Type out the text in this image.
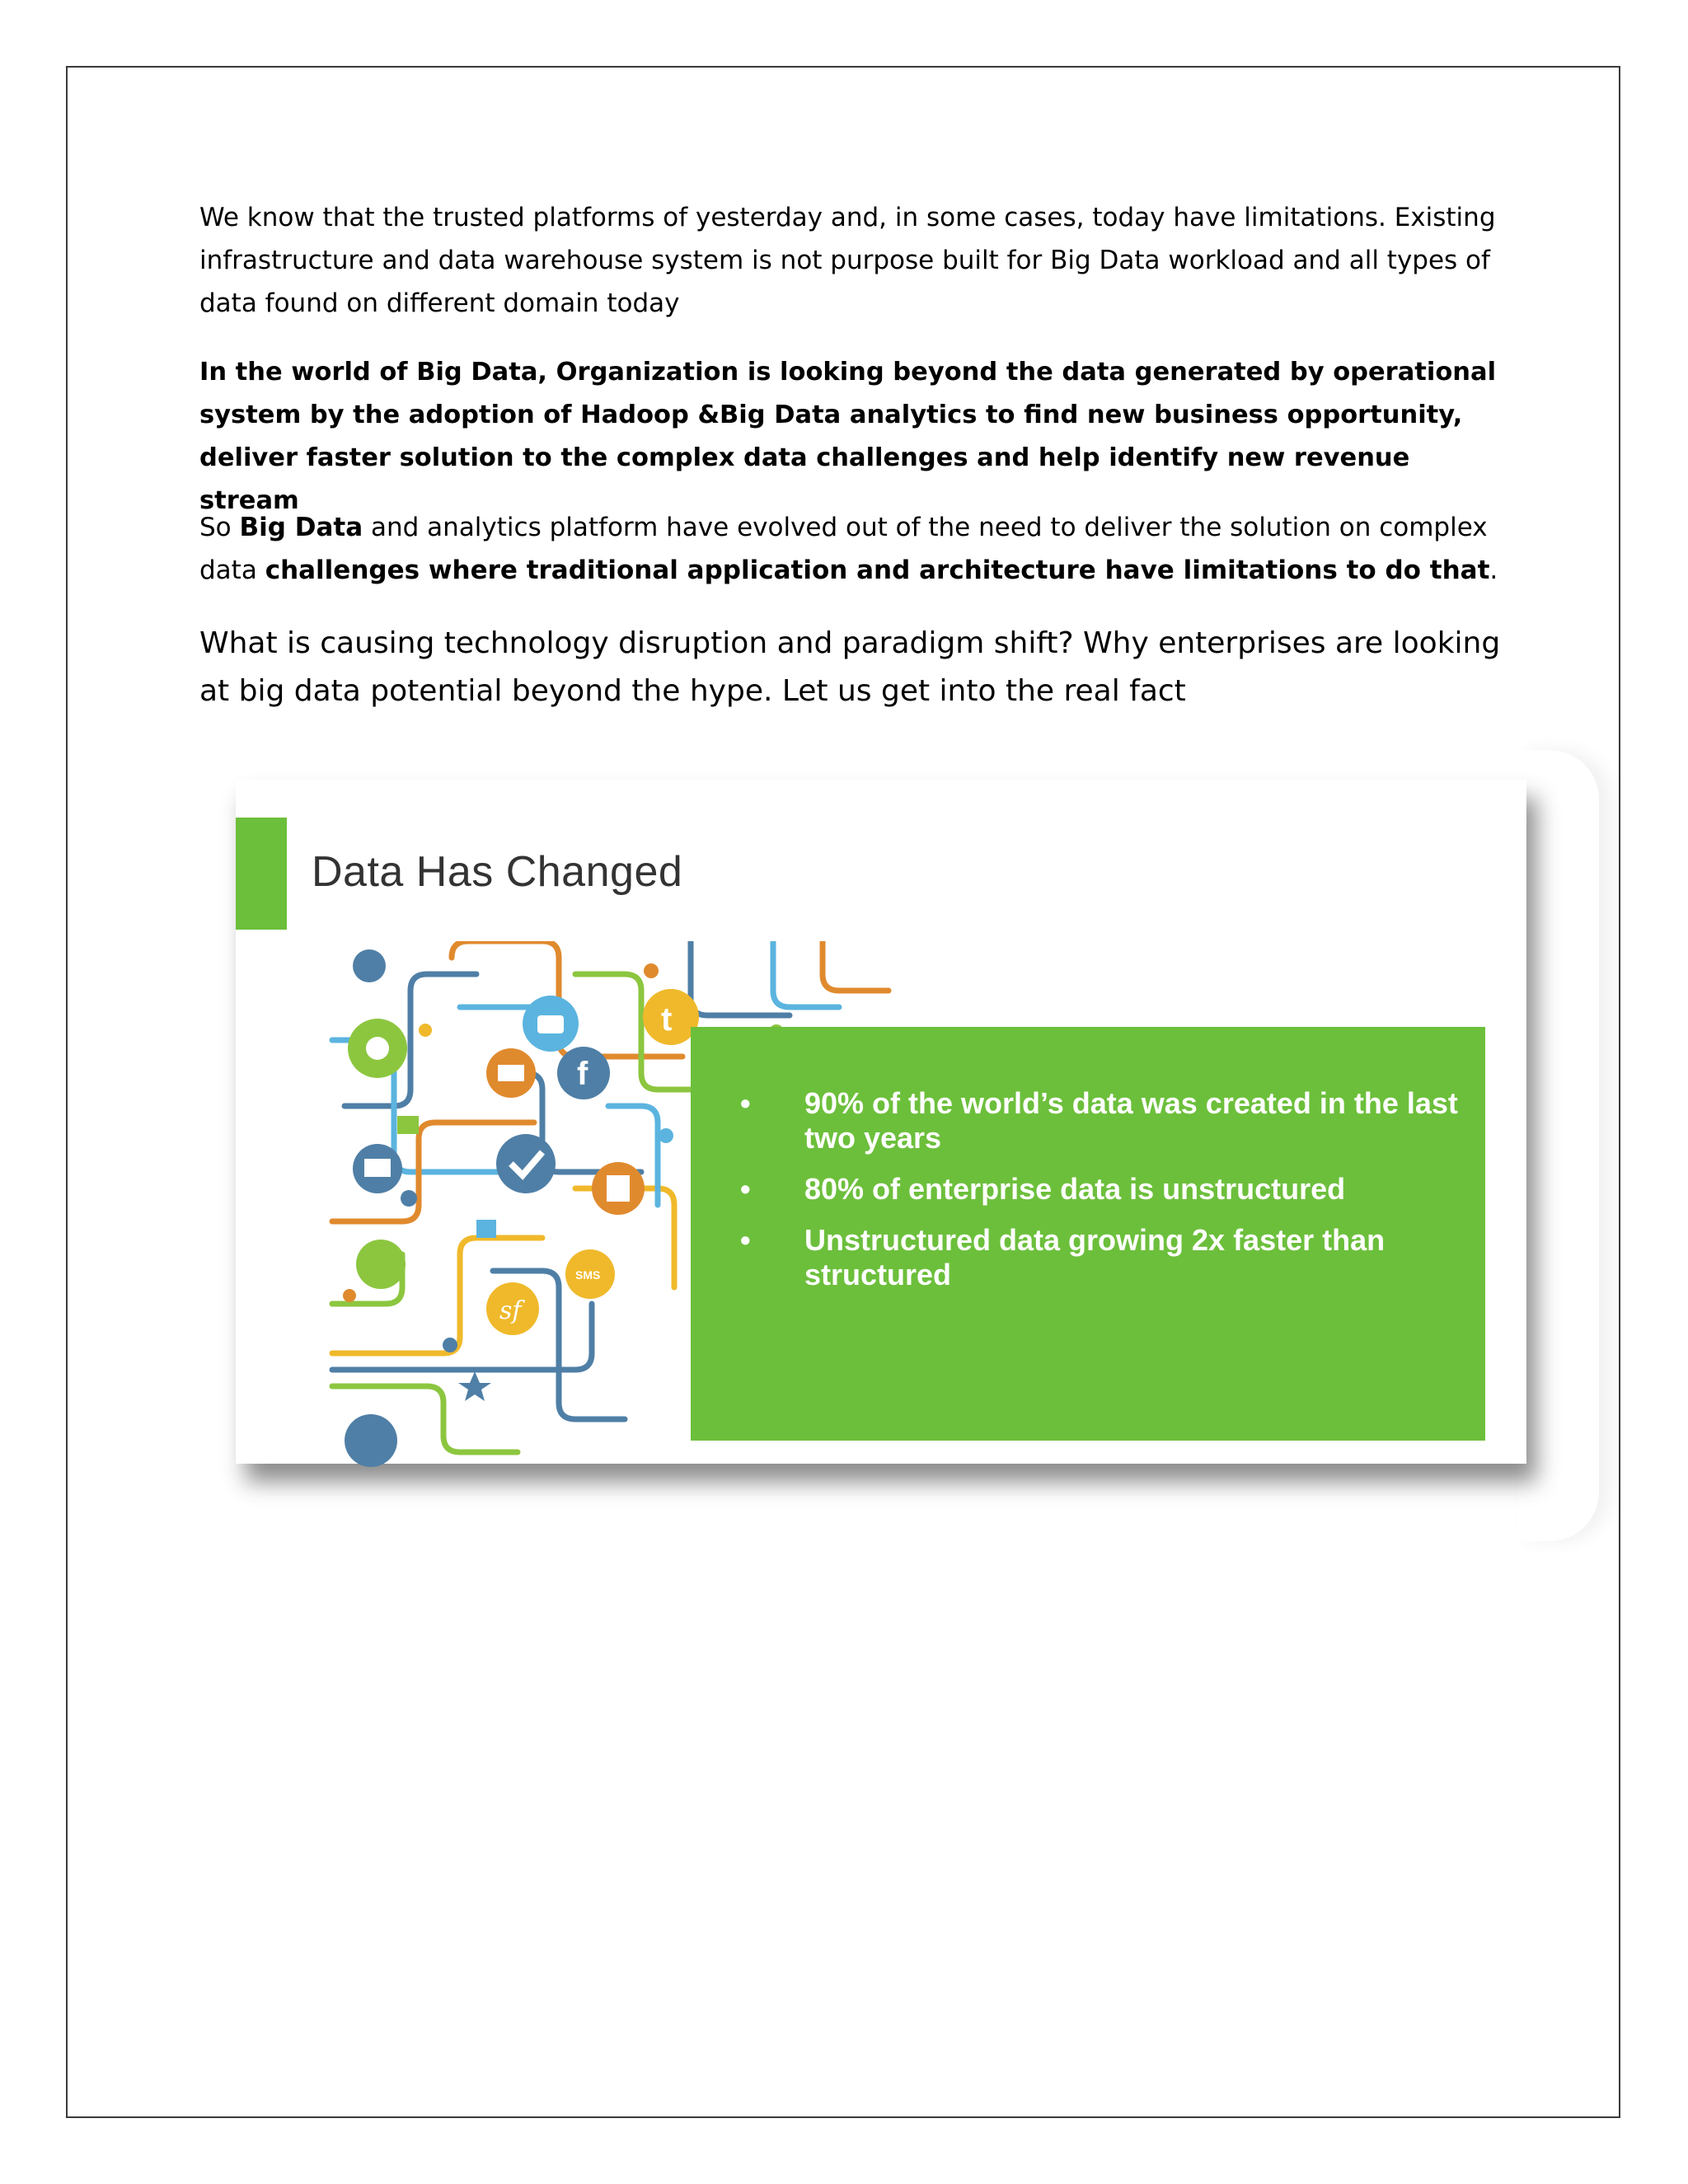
We know that the trusted platforms of yesterday and, in some cases, today have limitations. Existing infrastructure and data warehouse system is not purpose built for Big Data workload and all types of data found on different domain today

In the world of Big Data, Organization is looking beyond the data generated by operational system by the adoption of Hadoop &Big Data analytics to find new business opportunity, deliver faster solution to the complex data challenges and help identify new revenue stream

So Big Data and analytics platform have evolved out of the need to deliver the solution on complex data challenges where traditional application and architecture have limitations to do that.

What is causing technology disruption and paradigm shift? Why enterprises are looking at big data potential beyond the hype. Let us get into the real fact

Data Has Changed
f
t
sf
SMS
• 90% of the world’s data was created in the last two years
• 80% of enterprise data is unstructured
• Unstructured data growing 2x faster than structured
